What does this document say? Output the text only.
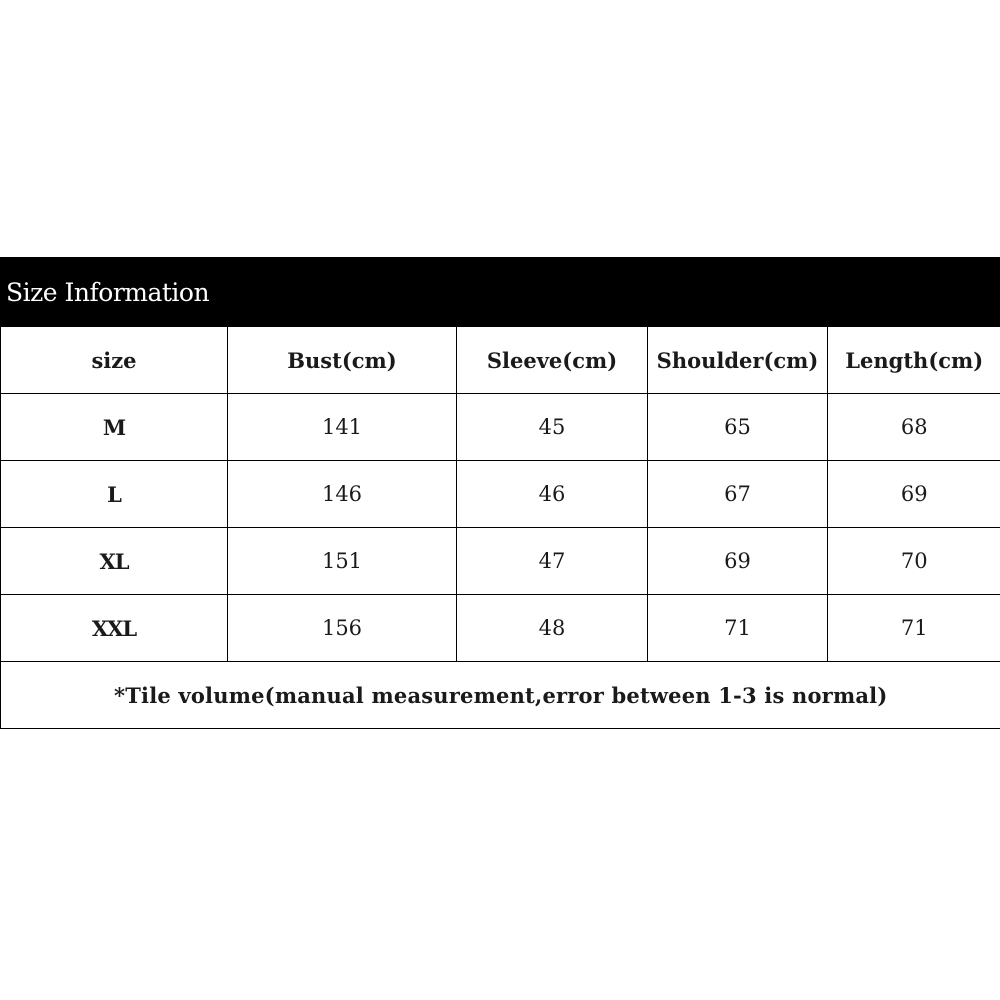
Size Information
size	Bust(cm)	Sleeve(cm)	Shoulder(cm)	Length(cm)
M	141	45	65	68
L	146	46	67	69
XL	151	47	69	70
XXL	156	48	71	71
*Tile volume(manual measurement,error between 1-3 is normal)				
